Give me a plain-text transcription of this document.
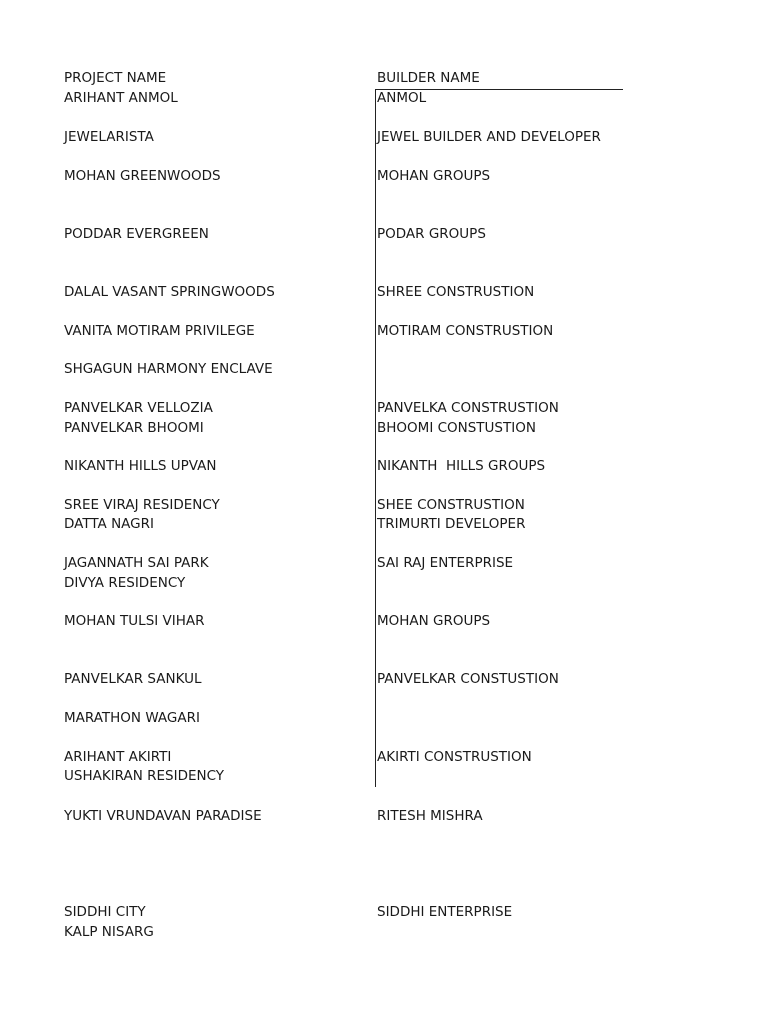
PROJECT NAME	BUILDER NAME
ARIHANT ANMOL	ANMOL
JEWELARISTA	JEWEL BUILDER AND DEVELOPER
MOHAN GREENWOODS	MOHAN GROUPS
PODDAR EVERGREEN	PODAR GROUPS
DALAL VASANT SPRINGWOODS	SHREE CONSTRUSTION
VANITA MOTIRAM PRIVILEGE	MOTIRAM CONSTRUSTION
SHGAGUN HARMONY ENCLAVE
PANVELKAR VELLOZIA	PANVELKA CONSTRUSTION
PANVELKAR BHOOMI	BHOOMI CONSTUSTION
NIKANTH HILLS UPVAN	NIKANTH  HILLS GROUPS
SREE VIRAJ RESIDENCY	SHEE CONSTRUSTION
DATTA NAGRI	TRIMURTI DEVELOPER
JAGANNATH SAI PARK	SAI RAJ ENTERPRISE
DIVYA RESIDENCY
MOHAN TULSI VIHAR	MOHAN GROUPS
PANVELKAR SANKUL	PANVELKAR CONSTUSTION
MARATHON WAGARI
ARIHANT AKIRTI	AKIRTI CONSTRUSTION
USHAKIRAN RESIDENCY
YUKTI VRUNDAVAN PARADISE	RITESH MISHRA
SIDDHI CITY	SIDDHI ENTERPRISE
KALP NISARG
